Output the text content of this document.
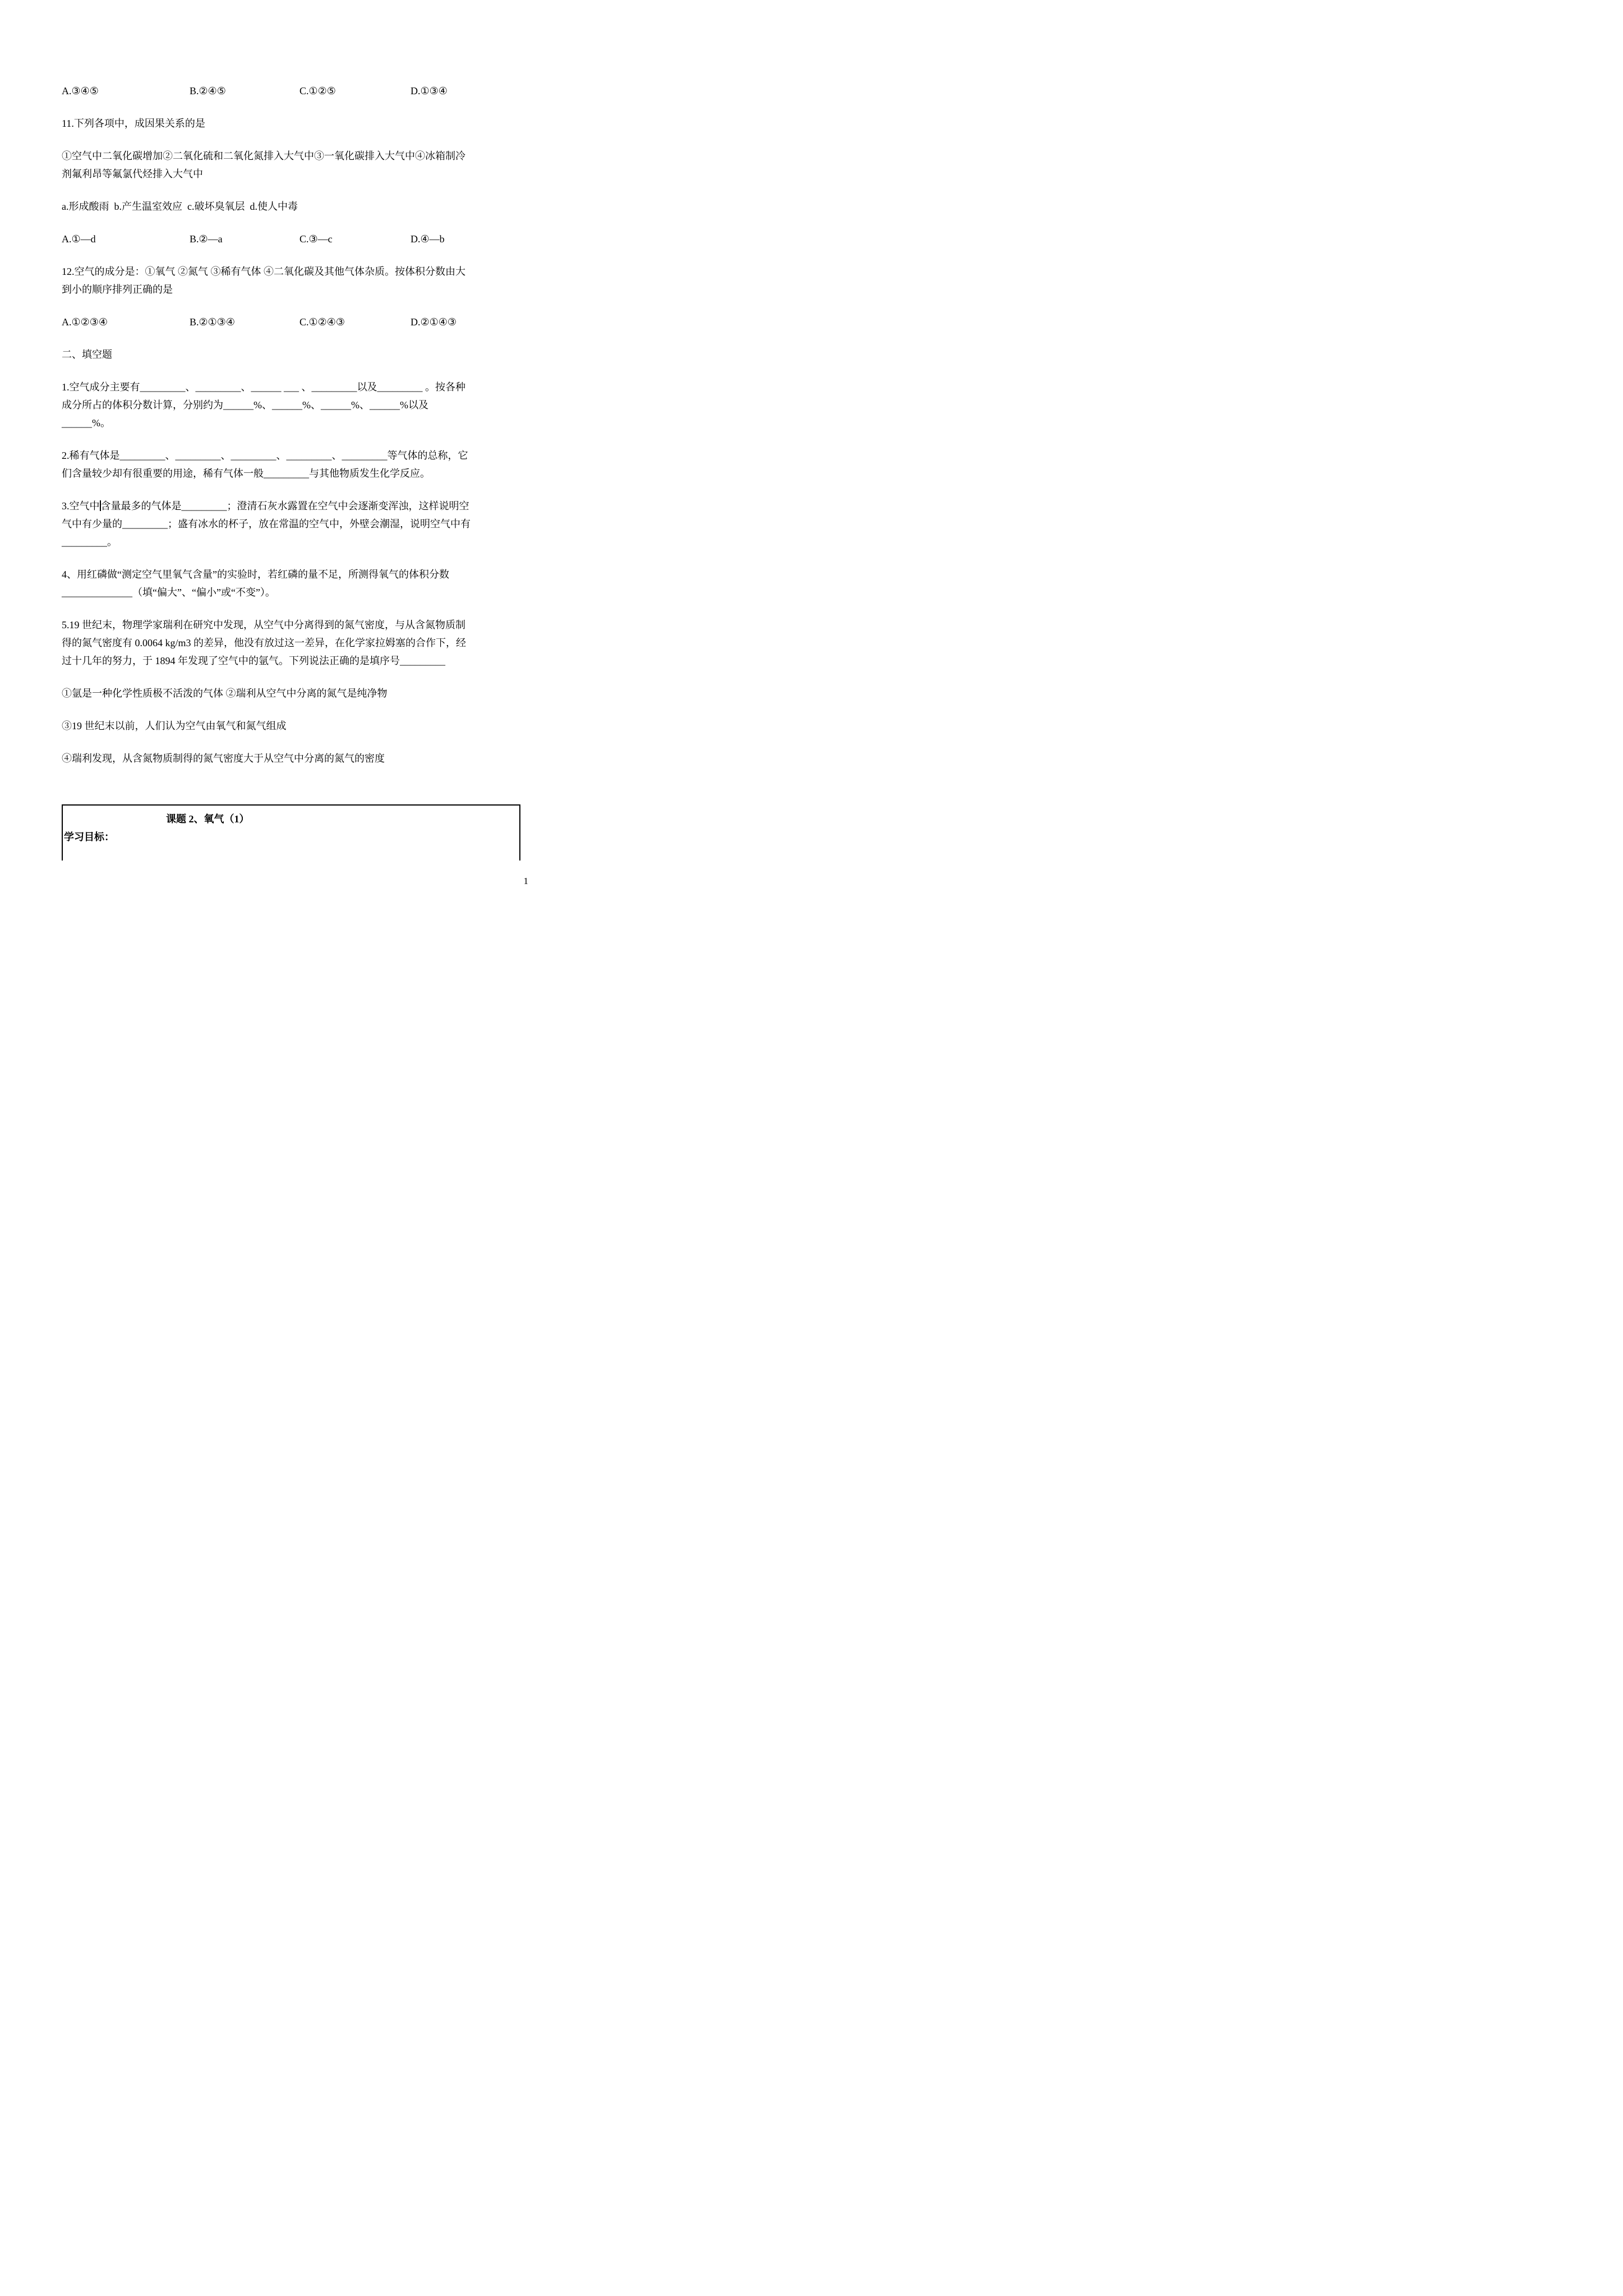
A.③④⑤	B.②④⑤	C.①②⑤	D.①③④
11.下列各项中，成因果关系的是
①空气中二氧化碳增加②二氧化硫和二氧化氮排入大气中③一氧化碳排入大气中④冰箱制冷
剂氟利昂等氟氯代烃排入大气中
a.形成酸雨  b.产生温室效应  c.破坏臭氧层  d.使人中毒
A.①—d	B.②—a	C.③—c	D.④—b
12.空气的成分是：①氧气 ②氮气 ③稀有气体 ④二氧化碳及其他气体杂质。按体积分数由大
到小的顺序排列正确的是
A.①②③④	B.②①③④	C.①②④③	D.②①④③
二、填空题
1.空气成分主要有_________、_________、______ ___ 、_________以及_________ 。按各种
成分所占的体积分数计算，分别约为______%、______%、______%、______%以及
______%。
2.稀有气体是_________、_________、_________、_________、_________等气体的总称，它
们含量较少却有很重要的用途，稀有气体一般_________与其他物质发生化学反应。
3.空气中 含量最多的气体是_________；澄清石灰水露置在空气中会逐渐变浑浊，这样说明空
气中有少量的_________；盛有冰水的杯子，放在常温的空气中，外壁会潮湿，说明空气中有
_________。
4、用红磷做“测定空气里氧气含量”的实验时，若红磷的量不足，所测得氧气的体积分数
______________（填“偏大”、“偏小”或“不变”）。
5.19 世纪末，物理学家瑞利在研究中发现，从空气中分离得到的氮气密度，与从含氮物质制
得的氮气密度有 0.0064 kg/m3 的差异，他没有放过这一差异，在化学家拉姆塞的合作下，经
过十几年的努力，于 1894 年发现了空气中的氩气。下列说法正确的是填序号_________
①氩是一种化学性质极不活泼的气体 ②瑞利从空气中分离的氮气是纯净物
③19 世纪末以前，人们认为空气由氧气和氮气组成
④瑞利发现，从含氮物质制得的氮气密度大于从空气中分离的氮气的密度
课题 2、氧气（1）
学习目标：
1
